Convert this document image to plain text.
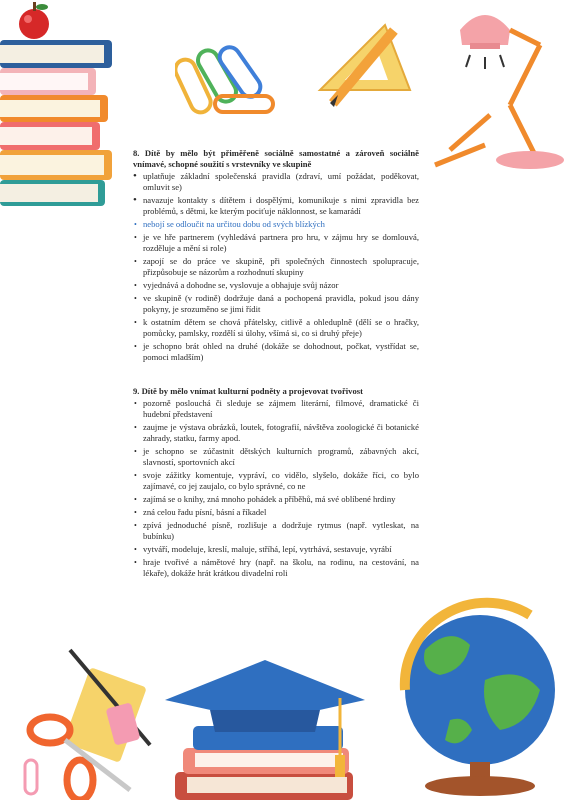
8. Dítě by mělo být přiměřeně sociálně samostatné a zároveň sociálně vnímavé, schopné soužití s vrstevníky ve skupině

• uplatňuje základní společenská pravidla (zdraví, umí požádat, poděkovat, omluvit se)
• navazuje kontakty s dítětem i dospělými, komunikuje s nimi zpravidla bez problémů, s dětmi, ke kterým pociťuje náklonnost, se kamarádí
• nebojí se odloučit na určitou dobu od svých blízkých
• je ve hře partnerem (vyhledává partnera pro hru, v zájmu hry se domlouvá, rozděluje a mění si role)
• zapojí se do práce ve skupině, při společných činnostech spolupracuje, přizpůsobuje se názorům a rozhodnutí skupiny
• vyjednává a dohodne se, vyslovuje a obhajuje svůj názor
• ve skupině (v rodině) dodržuje daná a pochopená pravidla, pokud jsou dány pokyny, je srozuměno se jimi řídit
• k ostatním dětem se chová přátelsky, citlivě a ohleduplně (dělí se o hračky, pomůcky, pamlsky, rozdělí si úlohy, všímá si, co si druhý přeje)
• je schopno brát ohled na druhé (dokáže se dohodnout, počkat, vystřídat se, pomoci mladším)

9. Dítě by mělo vnímat kulturní podněty a projevovat tvořivost

• pozorně poslouchá či sleduje se zájmem literární, filmové, dramatické či hudební představení
• zaujme je výstava obrázků, loutek, fotografií, návštěva zoologické či botanické zahrady, statku, farmy apod.
• je schopno se zúčastnit dětských kulturních programů, zábavných akcí, slavností, sportovních akcí
• svoje zážitky komentuje, vypráví, co vidělo, slyšelo, dokáže říci, co bylo zajímavé, co jej zaujalo, co bylo správné, co ne
• zajímá se o knihy, zná mnoho pohádek a příběhů, má své oblíbené hrdiny
• zná celou řadu písní, básní a říkadel
• zpívá jednoduché písně, rozlišuje a dodržuje rytmus (např. vytleskat, na bubínku)
• vytváří, modeluje, kreslí, maluje, stříhá, lepí, vytrhává, sestavuje, vyrábí
• hraje tvořivé a námětové hry (např. na školu, na rodinu, na cestování, na lékaře), dokáže hrát krátkou divadelní roli
